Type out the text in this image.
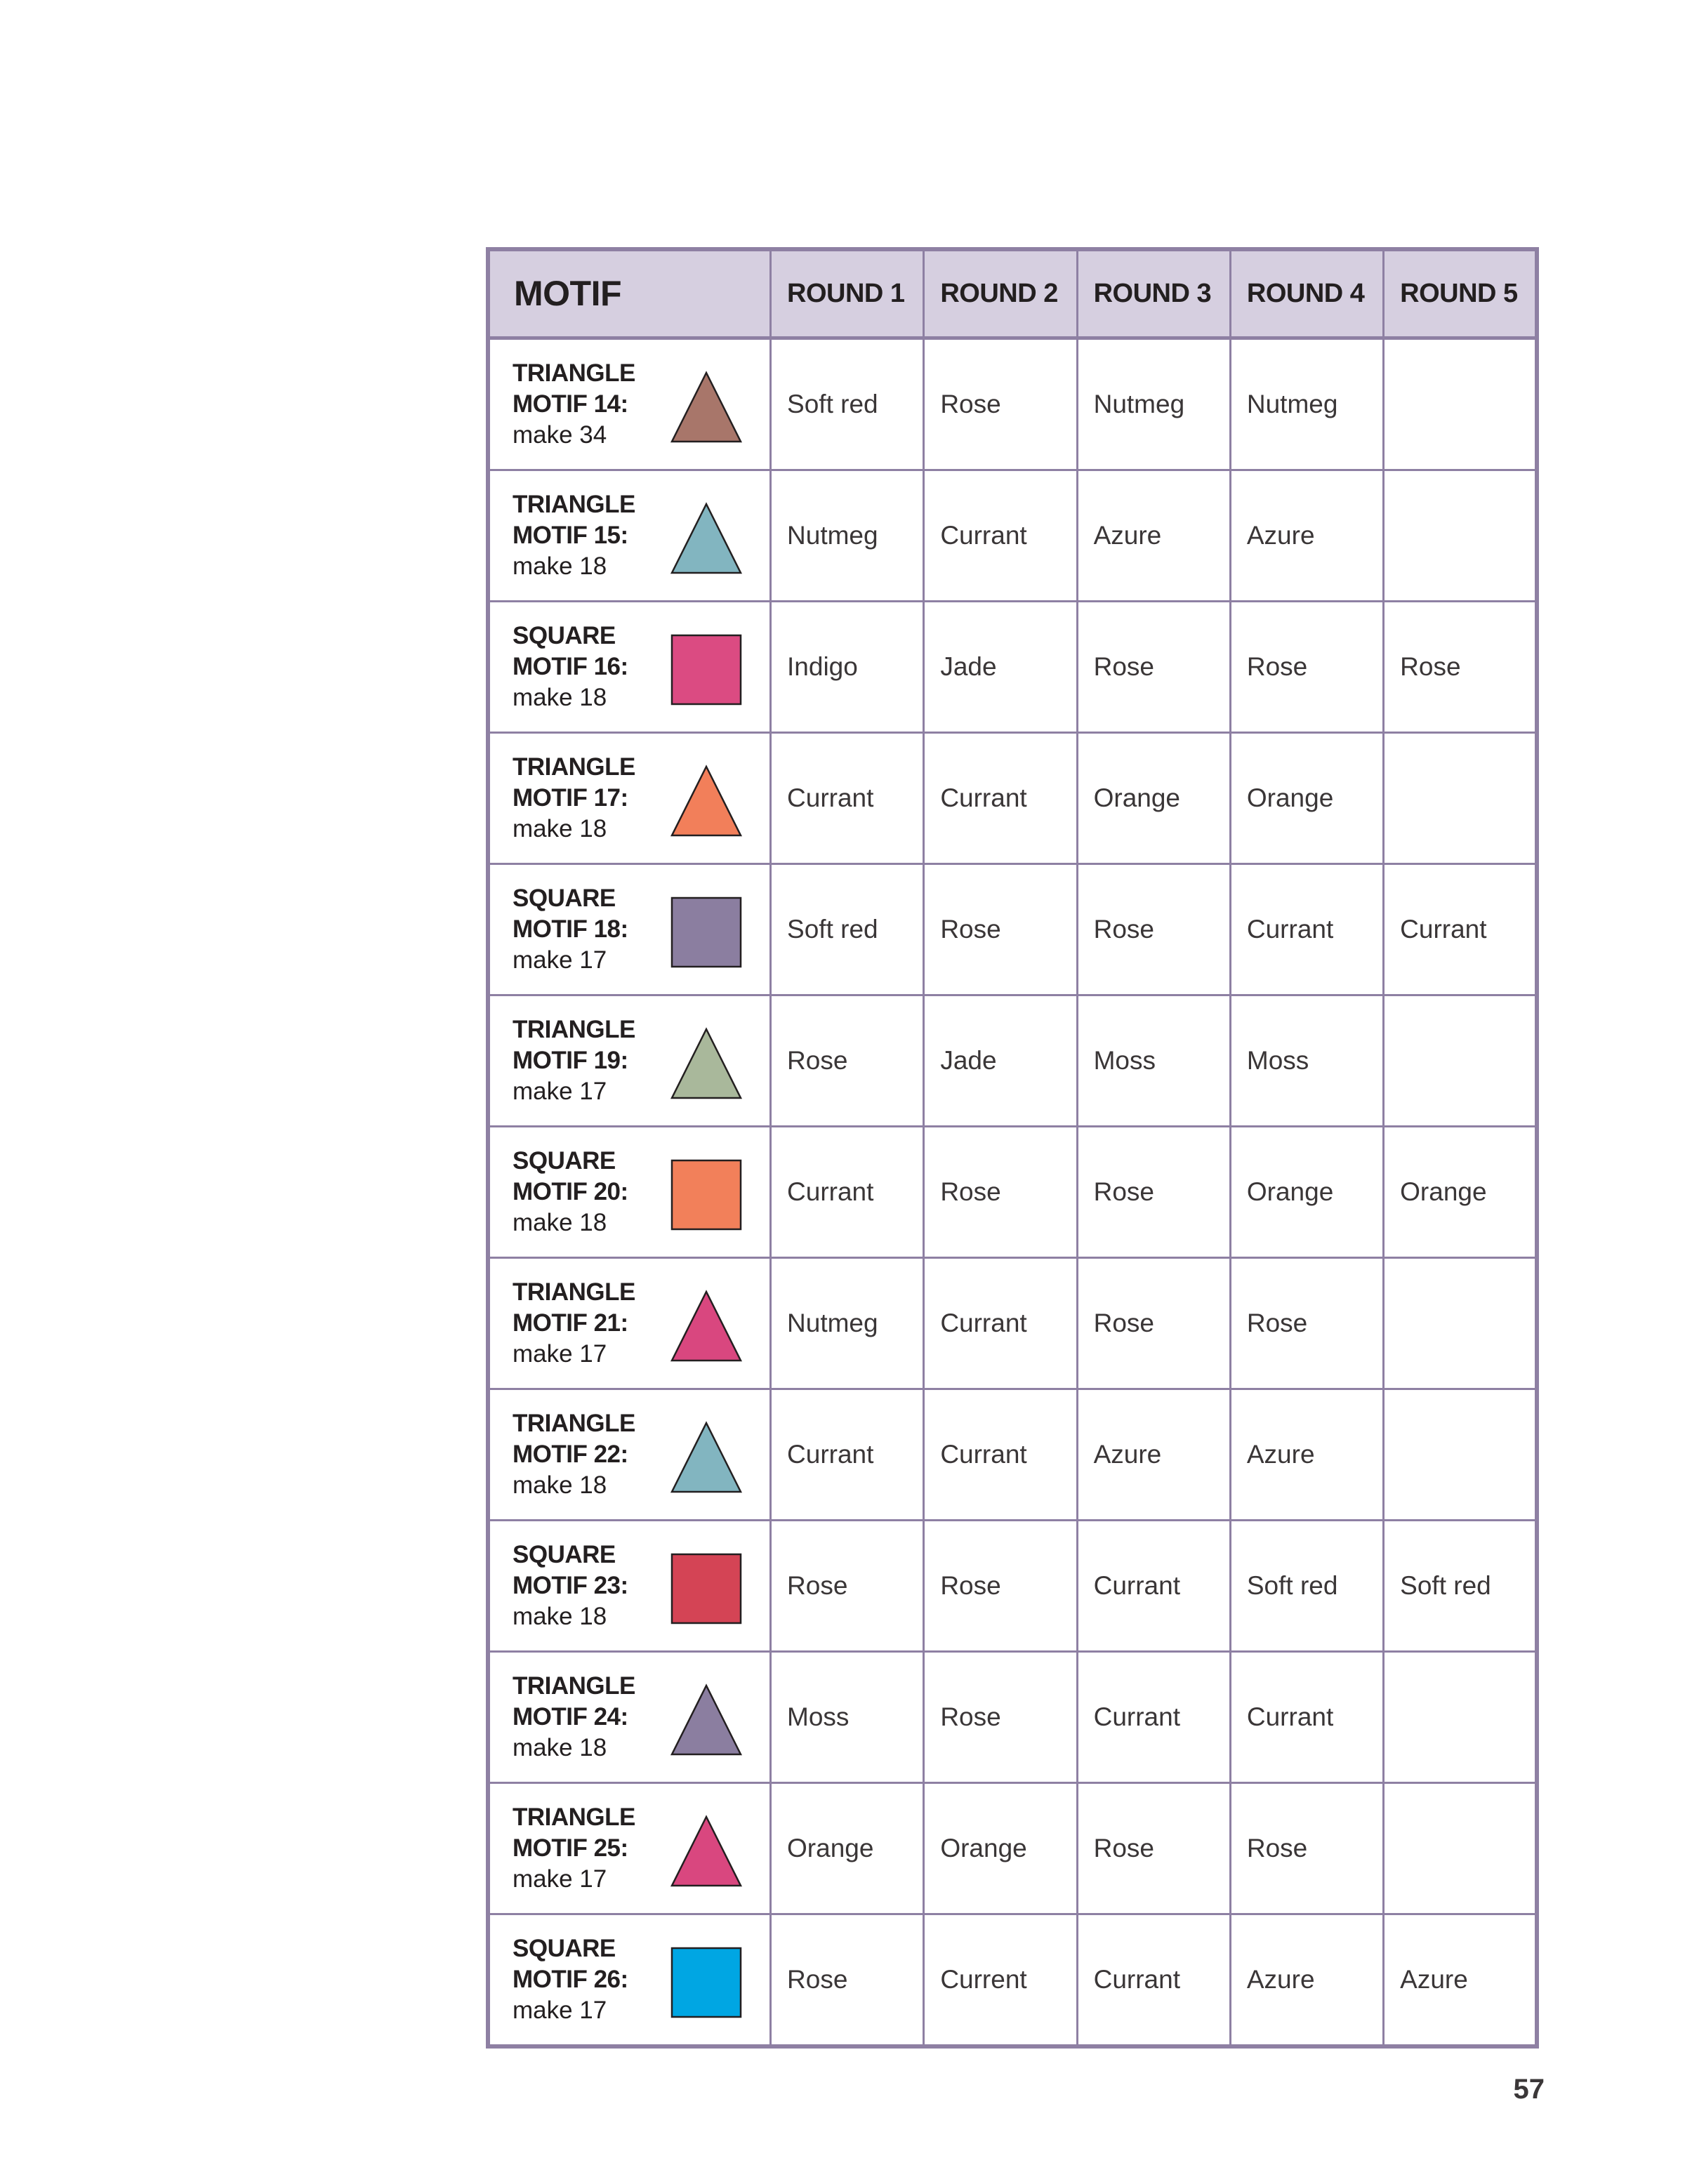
MOTIF	ROUND 1	ROUND 2	ROUND 3	ROUND 4	ROUND 5

TRIANGLE
MOTIF 14:
make 34	Soft red	Rose	Nutmeg	Nutmeg	

TRIANGLE
MOTIF 15:
make 18	Nutmeg	Currant	Azure	Azure	

SQUARE
MOTIF 16:
make 18	Indigo	Jade	Rose	Rose	Rose

TRIANGLE
MOTIF 17:
make 18	Currant	Currant	Orange	Orange	

SQUARE
MOTIF 18:
make 17	Soft red	Rose	Rose	Currant	Currant

TRIANGLE
MOTIF 19:
make 17	Rose	Jade	Moss	Moss	

SQUARE
MOTIF 20:
make 18	Currant	Rose	Rose	Orange	Orange

TRIANGLE
MOTIF 21:
make 17	Nutmeg	Currant	Rose	Rose	

TRIANGLE
MOTIF 22:
make 18	Currant	Currant	Azure	Azure	

SQUARE
MOTIF 23:
make 18	Rose	Rose	Currant	Soft red	Soft red

TRIANGLE
MOTIF 24:
make 18	Moss	Rose	Currant	Currant	

TRIANGLE
MOTIF 25:
make 17	Orange	Orange	Rose	Rose	

SQUARE
MOTIF 26:
make 17	Rose	Current	Currant	Azure	Azure
57
